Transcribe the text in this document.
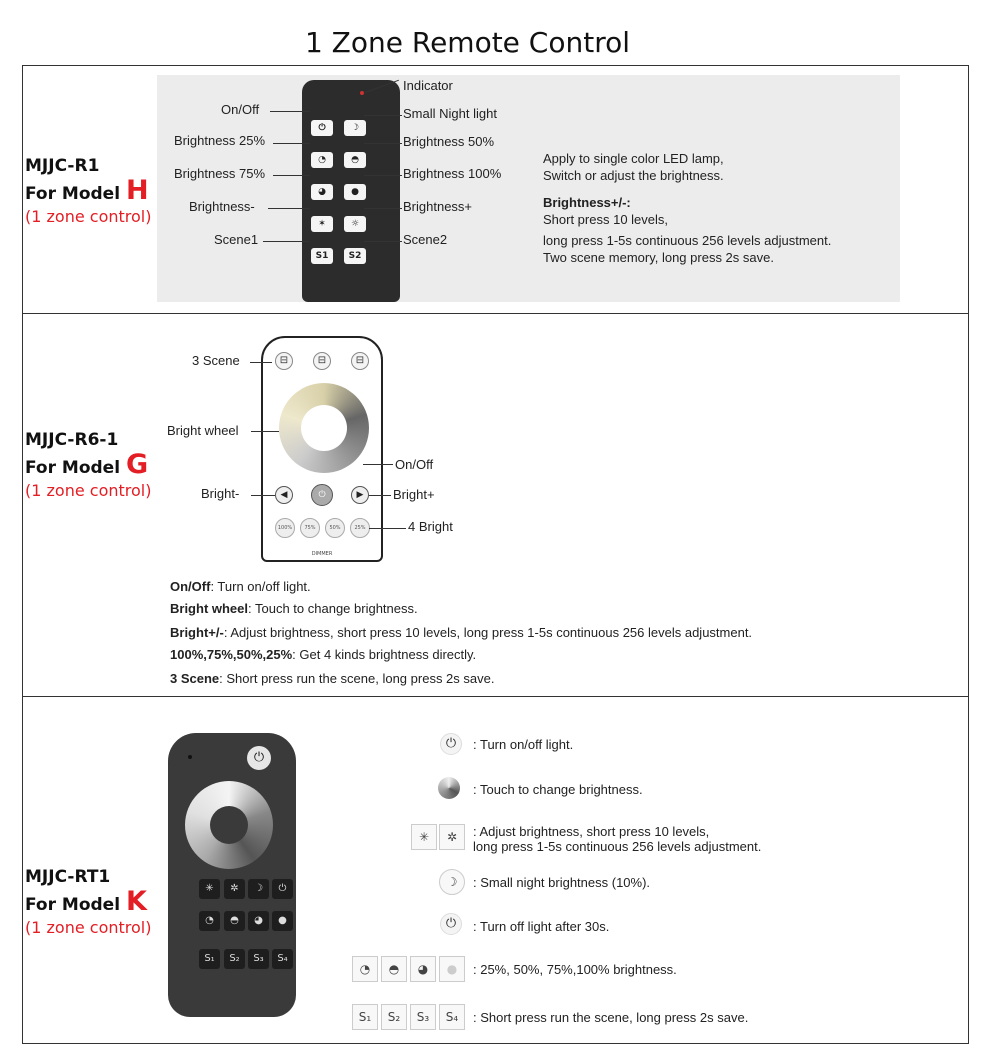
1 Zone Remote Control
MJJC-R1
For Model H
(1 zone control)
⏻	☽
◔	◓
◕	●
✶	☼
S1	S2
Indicator
On/Off	Small Night light
Brightness 25%	Brightness 50%
Brightness 75%	Brightness 100%
Brightness-	Brightness+
Scene1	Scene2
Apply to single color LED lamp,
Switch or adjust the brightness.
Brightness+/-:
Short press 10 levels,
long press 1-5s continuous 256 levels adjustment.
Two scene memory, long press 2s save.
MJJC-R6-1
For Model G
(1 zone control)
⊟	⊟	⊟
◀	⏻	▶
100%	75%	50%	25%
DIMMER
3 Scene
Bright wheel
On/Off
Bright-	Bright+
4 Bright
On/Off: Turn on/off light.
Bright wheel: Touch to change brightness.
Bright+/-: Adjust brightness, short press 10 levels, long press 1-5s continuous 256 levels adjustment.
100%,75%,50%,25%: Get 4 kinds brightness directly.
3 Scene: Short press run the scene, long press 2s save.
MJJC-RT1
For Model K
(1 zone control)
⏻
✳	✲	☽	⏻
◔	◓	◕	●
S₁	S₂	S₃	S₄
⏻	: Turn on/off light.
: Touch to change brightness.
✳	✲	: Adjust brightness, short press 10 levels,
long press 1-5s continuous 256 levels adjustment.
☽	: Small night brightness (10%).
⏻	: Turn off light after 30s.
◔	◓	◕	●	: 25%, 50%, 75%,100% brightness.
S₁	S₂	S₃	S₄	: Short press run the scene, long press 2s save.
